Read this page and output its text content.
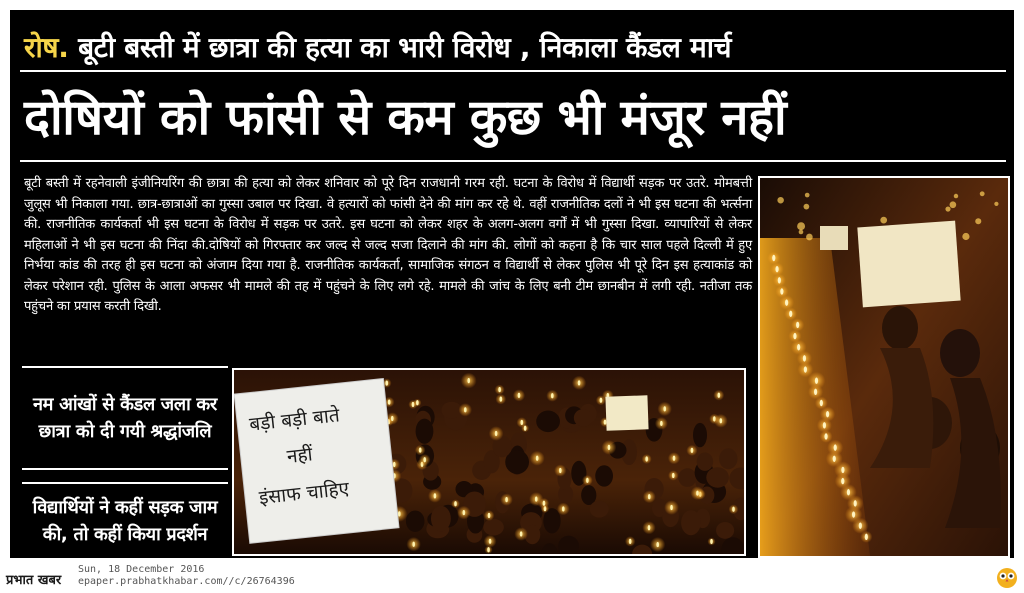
रोष. बूटी बस्ती में छात्रा की हत्या का भारी विरोध , निकाला कैंडल मार्च
दोषियों को फांसी से कम कुछ भी मंजूर नहीं
बूटी बस्ती में रहनेवाली इंजीनियरिंग की छात्रा की हत्या को लेकर शनिवार को पूरे दिन राजधानी गरम रही. घटना के विरोध में विद्यार्थी सड़क पर उतरे. मोमबत्ती जुलूस भी निकाला गया. छात्र-छात्राओं का गुस्सा उबाल पर दिखा. वे हत्यारों को फांसी देने की मांग कर रहे थे. वहीं राजनीतिक दलों ने भी इस घटना की भर्त्सना की. राजनीतिक कार्यकर्ता भी इस घटना के विरोध में सड़क पर उतरे. इस घटना को लेकर शहर के अलग-अलग वर्गों में भी गुस्सा दिखा. व्यापारियों से लेकर महिलाओं ने भी इस घटना की निंदा की.दोषियों को गिरफ्तार कर जल्द से जल्द सजा दिलाने की मांग की. लोगों को कहना है कि चार साल पहले दिल्ली में हुए निर्भया कांड की तरह ही इस घटना को अंजाम दिया गया है. राजनीतिक कार्यकर्ता, सामाजिक संगठन व विद्यार्थी से लेकर पुलिस भी पूरे दिन इस हत्याकांड को लेकर परेशान रही. पुलिस के आला अफसर भी मामले की तह में पहुंचने के लिए लगे रहे. मामले की जांच के लिए बनी टीम छानबीन में लगी रही. नतीजा तक पहुंचने का प्रयास करती दिखी.
नम आंखों से कैंडल जला कर छात्रा को दी गयी श्रद्धांजलि
विद्यार्थियों ने कहीं सड़क जाम की, तो कहीं किया प्रदर्शन
बड़ी बड़ी बाते
नहीं
इंसाफ चाहिए
प्रभात खबर
Sun, 18 December 2016
epaper.prabhatkhabar.com//c/26764396
